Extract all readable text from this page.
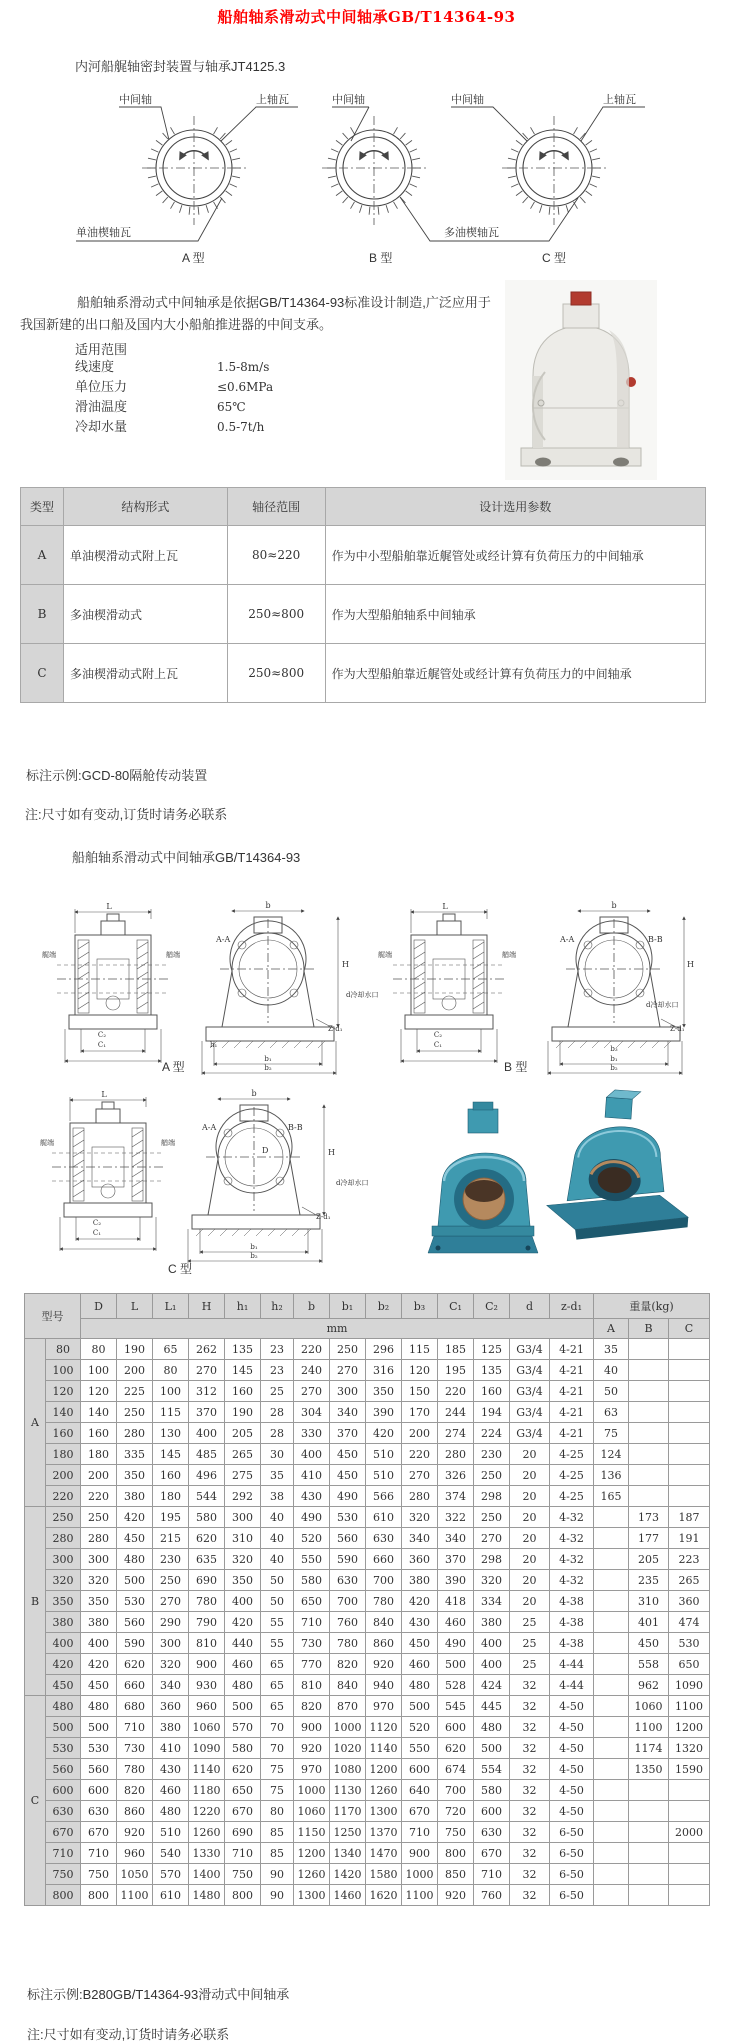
船舶轴系滑动式中间轴承GB/T14364-93
内河船艉轴密封装置与轴承JT4125.3
中间轴	上轴瓦	中间轴	中间轴	上轴瓦
单油楔轴瓦	多油楔轴瓦
A 型	B 型	C 型
船舶轴系滑动式中间轴承是依据GB/T14364-93标准设计制造,广泛应用于我国新建的出口船及国内大小船舶推进器的中间支承。
适用范围
线速度	1.5-8m/s
单位压力	≤0.6MPa
滑油温度	65℃
冷却水量	0.5-7t/h
类型	结构形式	轴径范围	设计选用参数
A	单油楔滑动式附上瓦	80≈220	作为中小型船舶靠近艉管处或经计算有负荷压力的中间轴承
B	多油楔滑动式	250≈800	作为大型船舶轴系中间轴承
C	多油楔滑动式附上瓦	250≈800	作为大型船舶靠近艉管处或经计算有负荷压力的中间轴承
标注示例:GCD-80隔舱传动装置
注:尺寸如有变动,订货时请务必联系
船舶轴系滑动式中间轴承GB/T14364-93
L
艉端	艏端
C₂
C₁
b
A-A
H
h₁
b₁
b₂
Z-d₁
d冷却水口
L
艉端	艏端
C₂
C₁
b
A-A	B-B
H
b₃
b₁
b₂
Z-d₁
d冷却水口
A 型	B 型
L
艉端	艏端
C₂
C₁
b
A-A	B-B
H
D
b₁
b₂
Z-d₁
d冷却水口
C 型
型号		D	L	L₁	H	h₁	h₂	b	b₁	b₂	b₃	C₁	C₂	d	z-d₁	重量(kg)		
		mm														A	B	C
A	80	80	190	65	262	135	23	220	250	296	115	185	125	G3/4	4-21	35		
	100	100	200	80	270	145	23	240	270	316	120	195	135	G3/4	4-21	40		
	120	120	225	100	312	160	25	270	300	350	150	220	160	G3/4	4-21	50		
	140	140	250	115	370	190	28	304	340	390	170	244	194	G3/4	4-21	63		
	160	160	280	130	400	205	28	330	370	420	200	274	224	G3/4	4-21	75		
	180	180	335	145	485	265	30	400	450	510	220	280	230	20	4-25	124		
	200	200	350	160	496	275	35	410	450	510	270	326	250	20	4-25	136		
	220	220	380	180	544	292	38	430	490	566	280	374	298	20	4-25	165		
B	250	250	420	195	580	300	40	490	530	610	320	322	250	20	4-32		173	187
	280	280	450	215	620	310	40	520	560	630	340	340	270	20	4-32		177	191
	300	300	480	230	635	320	40	550	590	660	360	370	298	20	4-32		205	223
	320	320	500	250	690	350	50	580	630	700	380	390	320	20	4-32		235	265
	350	350	530	270	780	400	50	650	700	780	420	418	334	20	4-38		310	360
	380	380	560	290	790	420	55	710	760	840	430	460	380	25	4-38		401	474
	400	400	590	300	810	440	55	730	780	860	450	490	400	25	4-38		450	530
	420	420	620	320	900	460	65	770	820	920	460	500	400	25	4-44		558	650
	450	450	660	340	930	480	65	810	840	940	480	528	424	32	4-44		962	1090
C	480	480	680	360	960	500	65	820	870	970	500	545	445	32	4-50		1060	1100
	500	500	710	380	1060	570	70	900	1000	1120	520	600	480	32	4-50		1100	1200
	530	530	730	410	1090	580	70	920	1020	1140	550	620	500	32	4-50		1174	1320
	560	560	780	430	1140	620	75	970	1080	1200	600	674	554	32	4-50		1350	1590
	600	600	820	460	1180	650	75	1000	1130	1260	640	700	580	32	4-50			
	630	630	860	480	1220	670	80	1060	1170	1300	670	720	600	32	4-50			
	670	670	920	510	1260	690	85	1150	1250	1370	710	750	630	32	6-50			2000
	710	710	960	540	1330	710	85	1200	1340	1470	900	800	670	32	6-50			
	750	750	1050	570	1400	750	90	1260	1420	1580	1000	850	710	32	6-50			
	800	800	1100	610	1480	800	90	1300	1460	1620	1100	920	760	32	6-50			
标注示例:B280GB/T14364-93滑动式中间轴承
注:尺寸如有变动,订货时请务必联系
